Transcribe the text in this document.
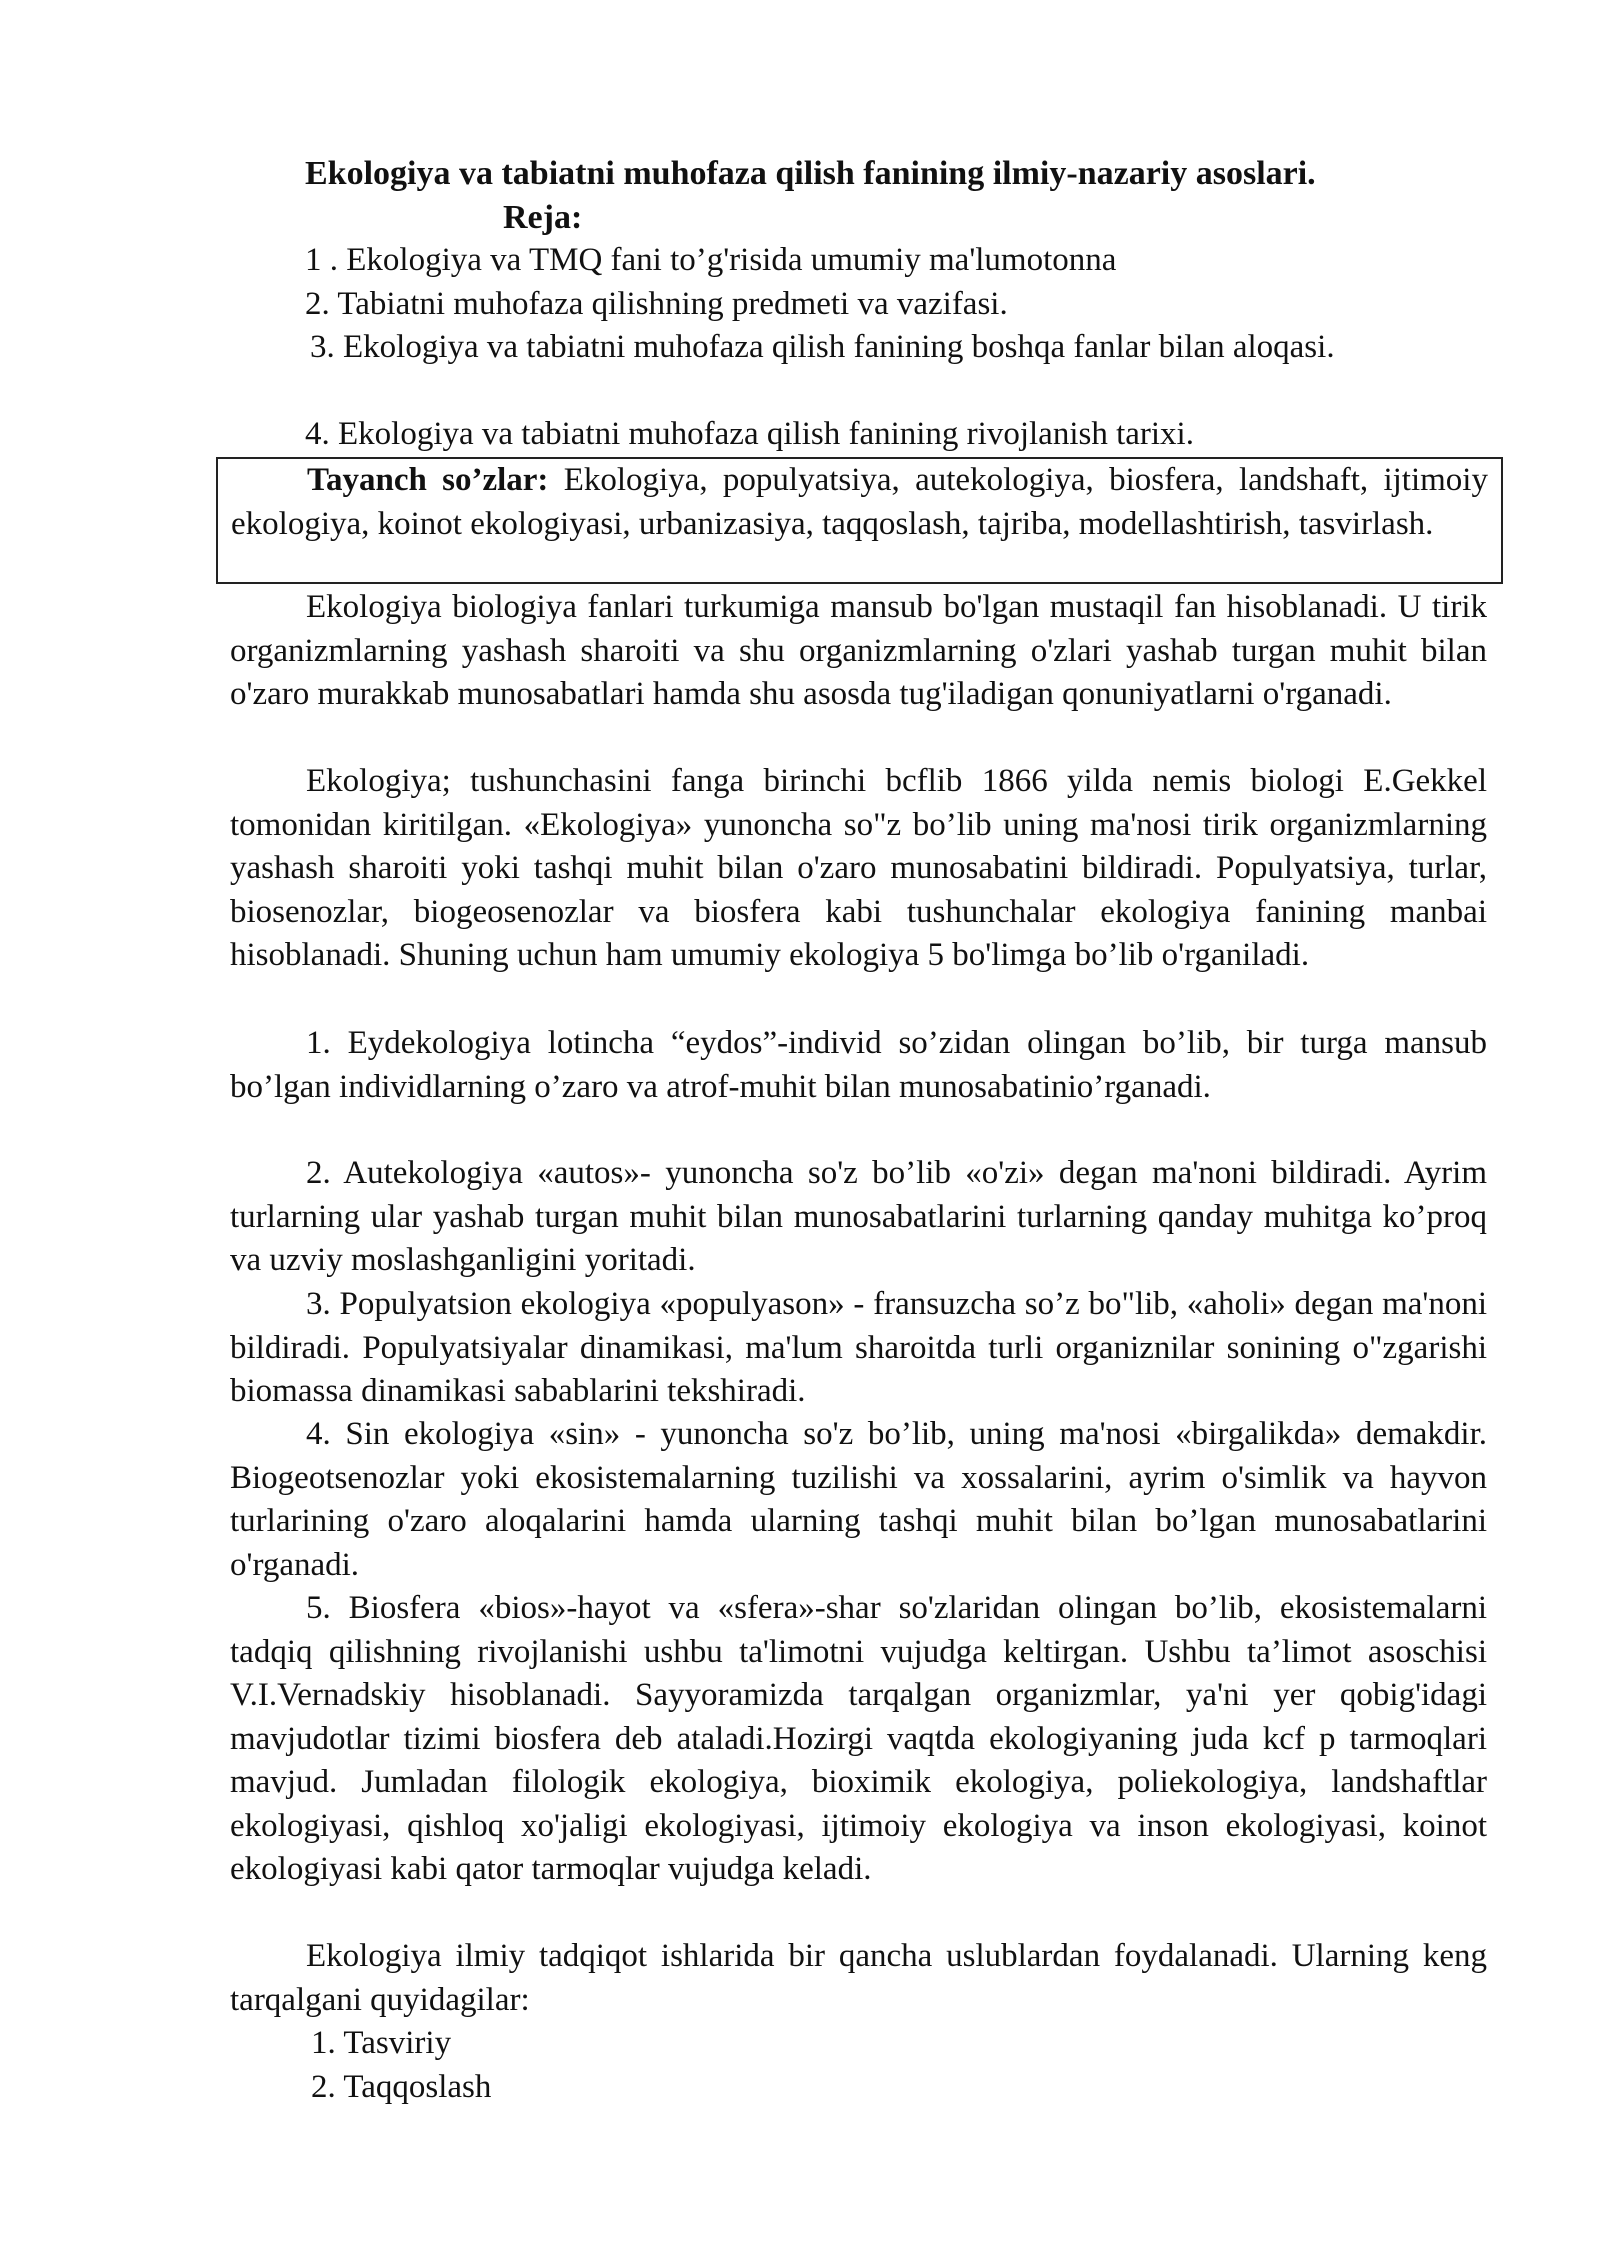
Ekologiya va tabiatni muhofaza qilish fanining ilmiy-nazariy asoslari.

Reja:

1 . Ekologiya va TMQ fani to’g'risida umumiy ma'lumotonna

2. Tabiatni muhofaza qilishning predmeti va vazifasi.

3. Ekologiya va tabiatni muhofaza qilish fanining boshqa fanlar bilan aloqasi.

4. Ekologiya va tabiatni muhofaza qilish fanining rivojlanish tarixi.

Tayanch so’zlar: Ekologiya, populyatsiya, autekologiya, biosfera, landshaft, ijtimoiy ekologiya, koinot ekologiyasi, urbanizasiya, taqqoslash, tajriba, modellashtirish, tasvirlash.

Ekologiya biologiya fanlari turkumiga mansub bo'lgan mustaqil fan hisoblanadi. U tirik organizmlarning yashash sharoiti va shu organizmlarning o'zlari yashab turgan muhit bilan o'zaro murakkab munosabatlari hamda shu asosda tug'iladigan qonuniyatlarni o'rganadi.

Ekologiya; tushunchasini fanga birinchi bcflib 1866 yilda nemis biologi E.Gekkel tomonidan kiritilgan. «Ekologiya» yunoncha so"z bo’lib uning ma'nosi tirik organizmlarning yashash sharoiti yoki tashqi muhit bilan o'zaro munosabatini bildiradi. Populyatsiya, turlar, biosenozlar, biogeosenozlar va biosfera kabi tushunchalar ekologiya fanining manbai hisoblanadi. Shuning uchun ham umumiy ekologiya 5 bo'limga bo’lib o'rganiladi.

1. Eydekologiya lotincha “eydos”-individ so’zidan olingan bo’lib, bir turga mansub bo’lgan individlarning o’zaro va atrof-muhit bilan munosabatinio’rganadi.

2. Autekologiya «autos»- yunoncha so'z bo’lib «o'zi» degan ma'noni bildiradi. Ayrim turlarning ular yashab turgan muhit bilan munosabatlarini turlarning qanday muhitga ko’proq va uzviy moslashganligini yoritadi.

3. Populyatsion ekologiya «populyason» - fransuzcha so’z bo"lib, «aholi» degan ma'noni bildiradi. Populyatsiyalar dinamikasi, ma'lum sharoitda turli organiznilar sonining o"zgarishi biomassa dinamikasi sabablarini tekshiradi.

4. Sin ekologiya «sin» - yunoncha so'z bo’lib, uning ma'nosi «birgalikda» demakdir. Biogeotsenozlar yoki ekosistemalarning tuzilishi va xossalarini, ayrim o'simlik va hayvon turlarining o'zaro aloqalarini hamda ularning tashqi muhit bilan bo’lgan munosabatlarini o'rganadi.

5. Biosfera «bios»-hayot va «sfera»-shar so'zlaridan olingan bo’lib, ekosistemalarni tadqiq qilishning rivojlanishi ushbu ta'limotni vujudga keltirgan. Ushbu ta’limot asoschisi V.I.Vernadskiy hisoblanadi. Sayyoramizda tarqalgan organizmlar, ya'ni yer qobig'idagi mavjudotlar tizimi biosfera deb ataladi.Hozirgi vaqtda ekologiyaning juda kcf p tarmoqlari mavjud. Jumladan filologik ekologiya, bioximik ekologiya, poliekologiya, landshaftlar ekologiyasi, qishloq xo'jaligi ekologiyasi, ijtimoiy ekologiya va inson ekologiyasi, koinot ekologiyasi kabi qator tarmoqlar vujudga keladi.

Ekologiya ilmiy tadqiqot ishlarida bir qancha uslublardan foydalanadi. Ularning keng tarqalgani quyidagilar:

1. Tasviriy

2. Taqqoslash
